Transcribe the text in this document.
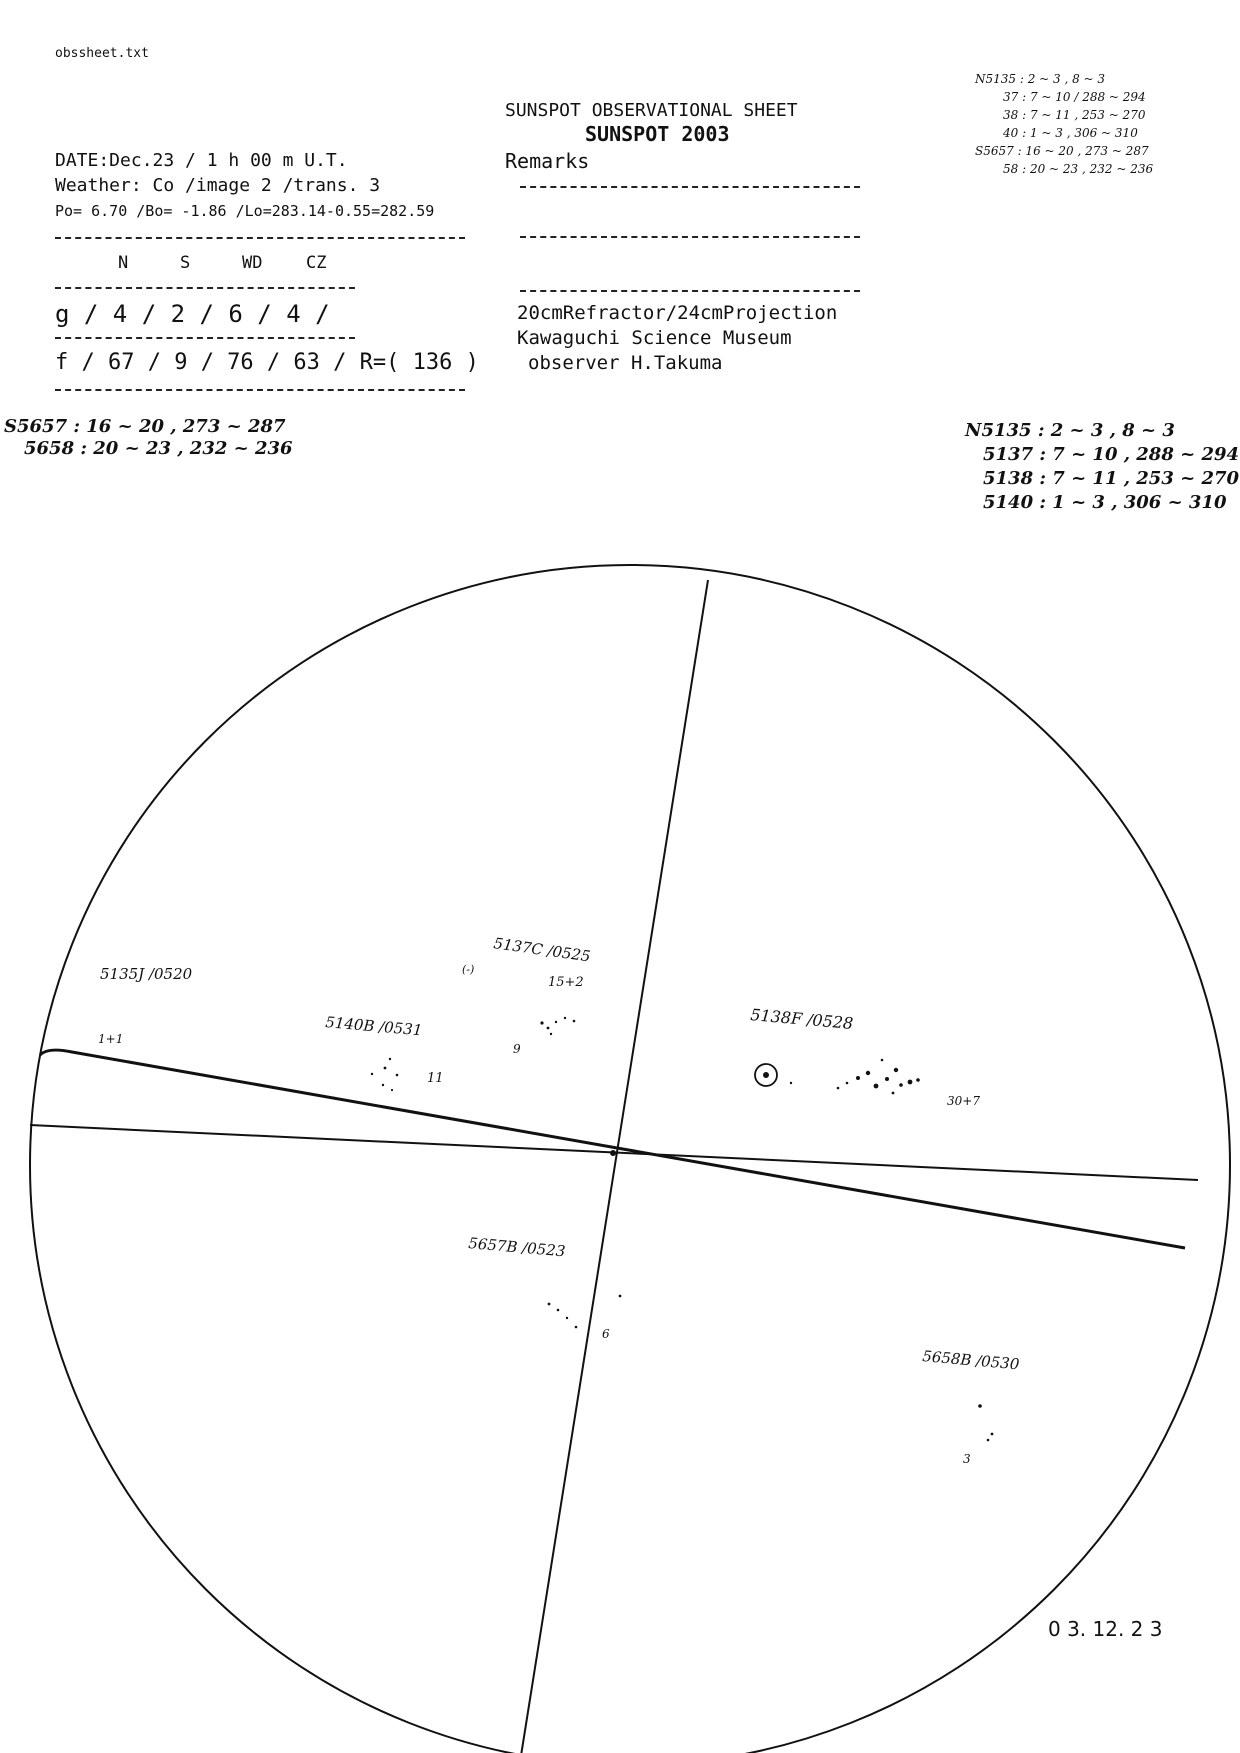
obssheet.txt
SUNSPOT OBSERVATIONAL SHEET
SUNSPOT 2003
Remarks
DATE:Dec.23 / 1 h 00 m U.T.
Weather: Co /image 2 /trans. 3
Po= 6.70 /Bo= -1.86 /Lo=283.14-0.55=282.59
N	S	WD	CZ
g / 4 / 2 / 6 / 4 /
f / 67 / 9 / 76 / 63 / R=( 136 )
20cmRefractor/24cmProjection
Kawaguchi Science Museum
observer H.Takuma
N5135 : 2 ~ 3 , 8 ~ 3
37 : 7 ~ 10 / 288 ~ 294
38 : 7 ~ 11 , 253 ~ 270
40 : 1 ~ 3 , 306 ~ 310
S5657 : 16 ~ 20 , 273 ~ 287
58 : 20 ~ 23 , 232 ~ 236
S5657 : 16 ~ 20 , 273 ~ 287
5658 : 20 ~ 23 , 232 ~ 236
N5135 : 2 ~ 3 , 8 ~ 3
5137 : 7 ~ 10 , 288 ~ 294
5138 : 7 ~ 11 , 253 ~ 270
5140 : 1 ~ 3 , 306 ~ 310
5135J /0520
1+1
5137C /0525
15+2
(-)
5140B /0531
11
9
5138F /0528
30+7
5657B /0523
6
5658B /0530
3
0 3. 12. 2 3
